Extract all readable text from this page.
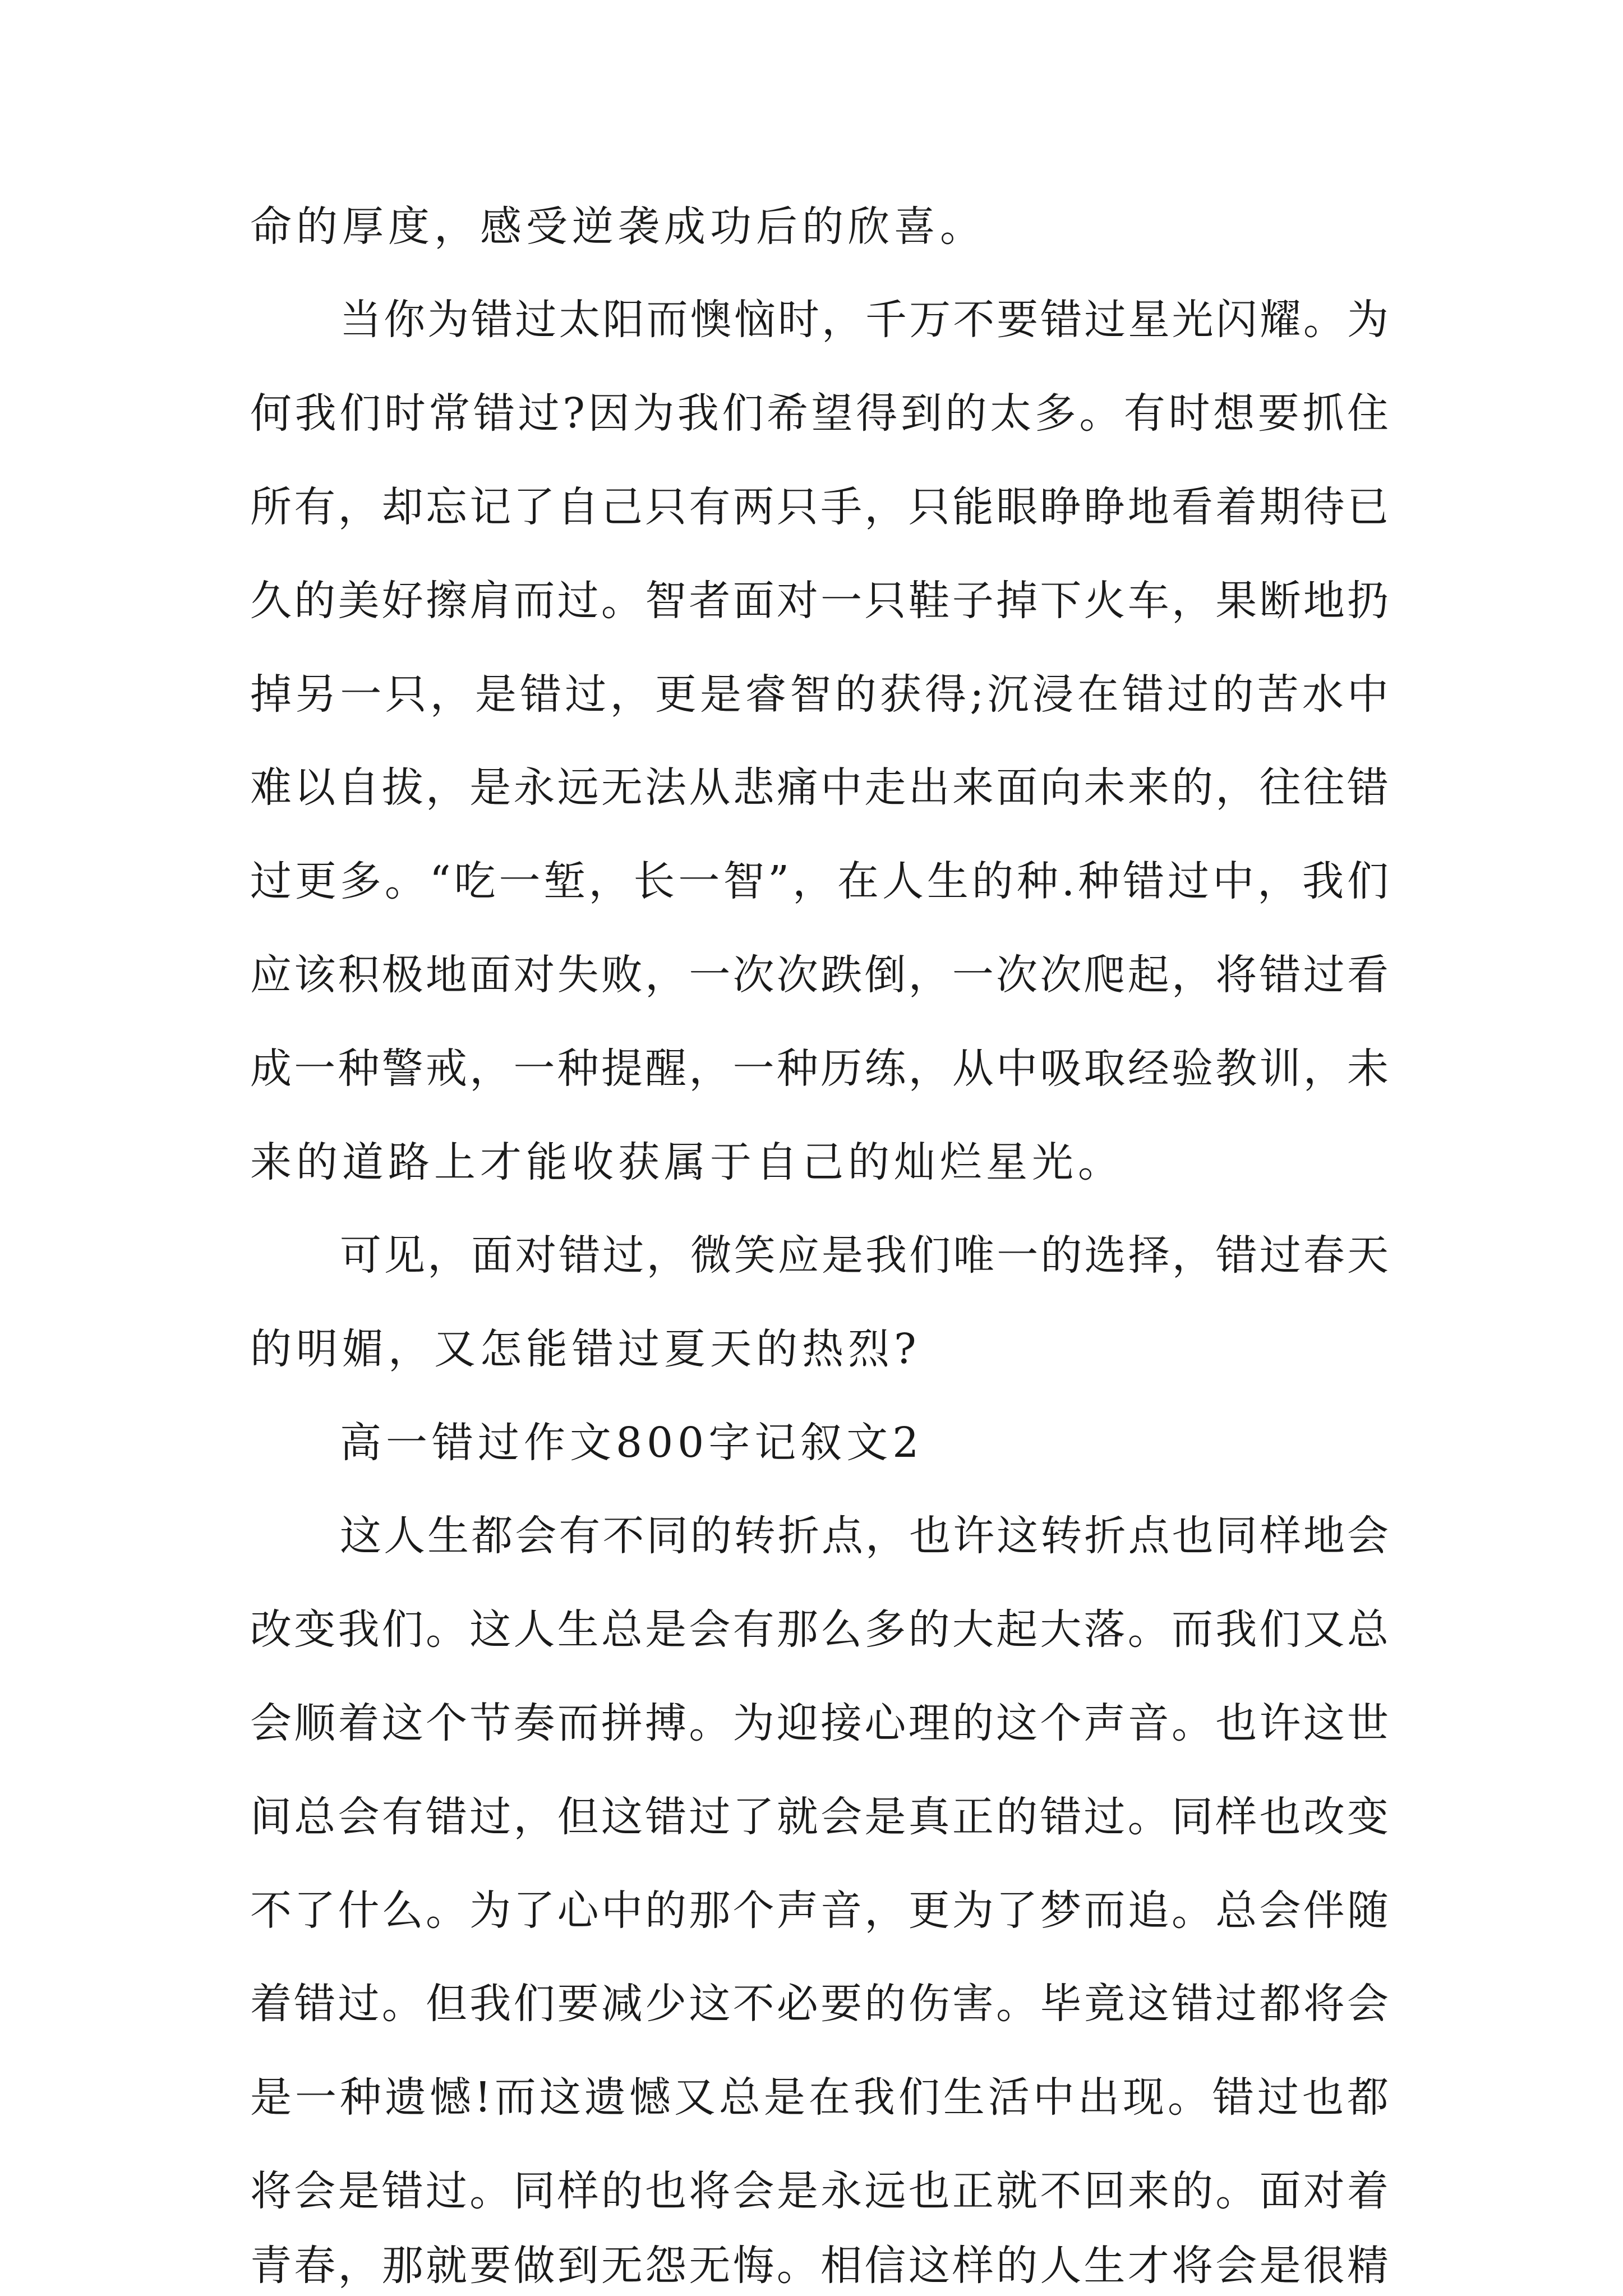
命的厚度，感受逆袭成功后的欣喜。

当你为错过太阳而懊恼时，千万不要错过星光闪耀。为

何我们时常错过?因为我们希望得到的太多。有时想要抓住

所有，却忘记了自己只有两只手，只能眼睁睁地看着期待已

久的美好擦肩而过。智者面对一只鞋子掉下火车，果断地扔

掉另一只，是错过，更是睿智的获得;沉浸在错过的苦水中

难以自拔，是永远无法从悲痛中走出来面向未来的，往往错

过更多。“吃一堑，长一智”，在人生的种.种错过中，我们

应该积极地面对失败，一次次跌倒，一次次爬起，将错过看

成一种警戒，一种提醒，一种历练，从中吸取经验教训，未

来的道路上才能收获属于自己的灿烂星光。

可见，面对错过，微笑应是我们唯一的选择，错过春天

的明媚，又怎能错过夏天的热烈?

高一错过作文800字记叙文2

这人生都会有不同的转折点，也许这转折点也同样地会

改变我们。这人生总是会有那么多的大起大落。而我们又总

会顺着这个节奏而拼搏。为迎接心理的这个声音。也许这世

间总会有错过，但这错过了就会是真正的错过。同样也改变

不了什么。为了心中的那个声音，更为了梦而追。总会伴随

着错过。但我们要减少这不必要的伤害。毕竟这错过都将会

是一种遗憾!而这遗憾又总是在我们生活中出现。错过也都

将会是错过。同样的也将会是永远也正就不回来的。面对着

青春，那就要做到无怨无悔。相信这样的人生才将会是很精
